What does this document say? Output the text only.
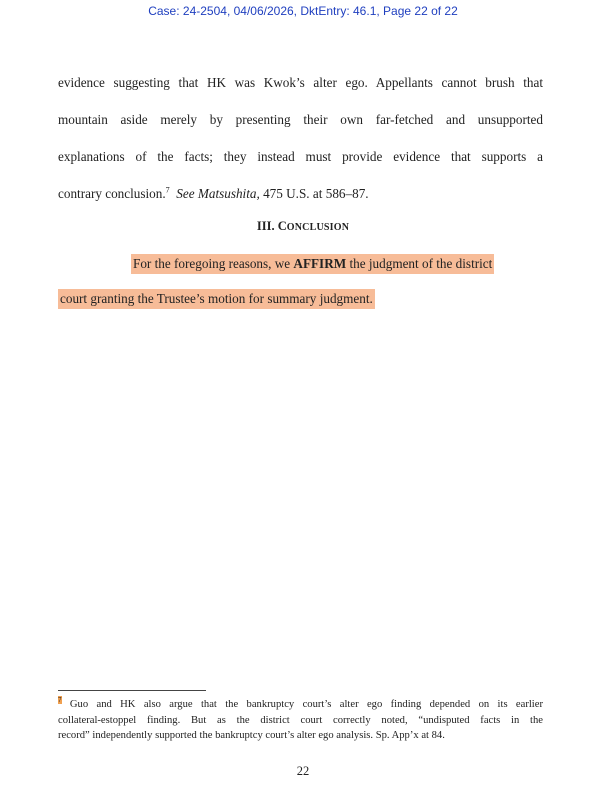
Case: 24-2504, 04/06/2026, DktEntry: 46.1, Page 22 of 22
evidence suggesting that HK was Kwok’s alter ego. Appellants cannot brush that
mountain aside merely by presenting their own far-fetched and unsupported
explanations of the facts; they instead must provide evidence that supports a
contrary conclusion.$^7$ See Matsushita, 475 U.S. at 586–87.
III. CONCLUSION
For the foregoing reasons, we AFFIRM the judgment of the district
court granting the Trustee’s motion for summary judgment.
$^7$ Guo and HK also argue that the bankruptcy court’s alter ego finding depended on its earlier
collateral-estoppel finding. But as the district court correctly noted, “undisputed facts in the
record” independently supported the bankruptcy court’s alter ego analysis. Sp. App’x at 84.
22
